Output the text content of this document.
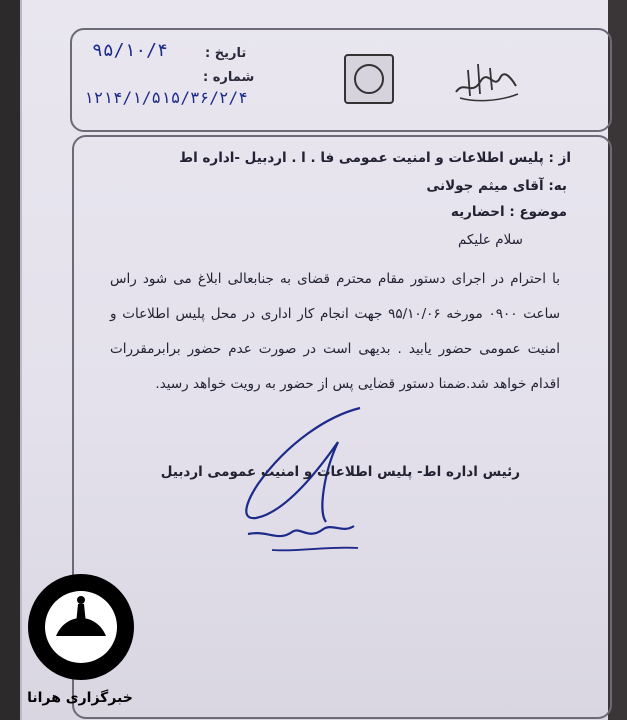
تاریخ :
۹۵/۱۰/۴
شماره :
۱۲۱۴/۱/۵۱۵/۳۶/۲/۴
از : پلیس اطلاعات و امنیت عمومی فا . ا . اردبیل -اداره اط
به: آقای میثم جولانی
موضوع : احضاریه
سلام علیکم
با احترام در اجرای دستور مقام محترم قضای به جنابعالی ابلاغ می شود راس ساعت ۰۹۰۰ مورخه ۹۵/۱۰/۰۶ جهت انجام کار اداری در محل پلیس اطلاعات و امنیت عمومی حضور یابید . بدیهی است در صورت عدم حضور برابرمقررات اقدام خواهد شد.ضمنا دستور قضایی پس از حضور به رویت خواهد رسید.
رئیس اداره اط- پلیس اطلاعات و امنیت عمومی اردبیل
خبرگزاری هرانا
